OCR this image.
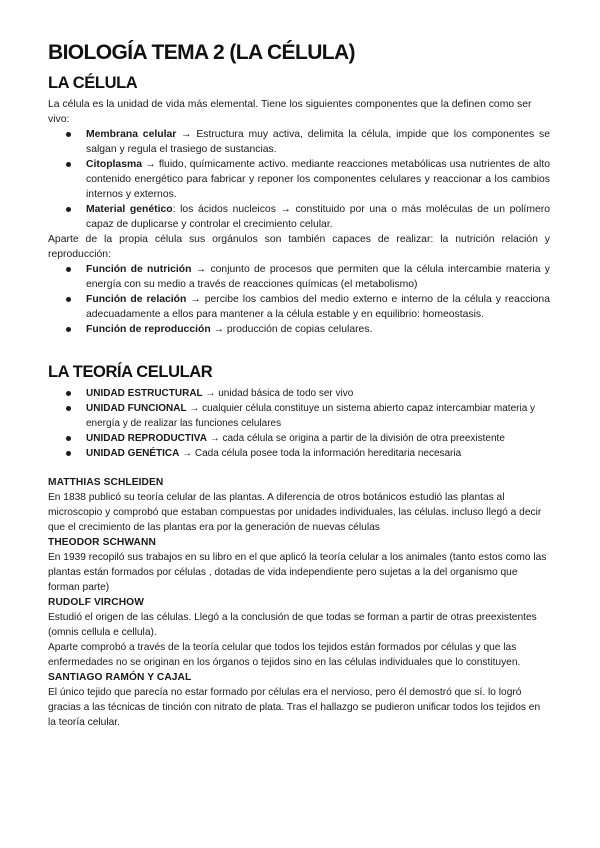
BIOLOGÍA TEMA 2 (LA CÉLULA)
LA CÉLULA

La célula es la unidad de vida más elemental. Tiene los siguientes componentes que la definen como ser vivo:

Membrana celular → Estructura muy activa, delimita la célula, impide que los componentes se salgan y regula el trasiego de sustancias.
Citoplasma → fluido, químicamente activo. mediante reacciones metabólicas usa nutrientes de alto contenido energético para fabricar y reponer los componentes celulares y reaccionar a los cambios internos y externos.
Material genético: los ácidos nucleicos → constituido por una o más moléculas de un polímero capaz de duplicarse y controlar el crecimiento celular.

Aparte de la propia célula sus orgánulos son también capaces de realizar: la nutrición relación y reproducción:

Función de nutrición → conjunto de procesos que permiten que la célula intercambie materia y energía con su medio a través de reacciones químicas (el metabolismo)
Función de relación → percibe los cambios del medio externo e interno de la célula y reacciona adecuadamente a ellos para mantener a la célula estable y en equilibrio: homeostasis.
Función de reproducción → producción de copias celulares.
LA TEORÍA CELULAR
UNIDAD ESTRUCTURAL → unidad básica de todo ser vivo
UNIDAD FUNCIONAL → cualquier célula constituye un sistema abierto capaz intercambiar materia y energía y de realizar las funciones celulares
UNIDAD REPRODUCTIVA → cada célula se origina a partir de la división de otra preexistente
UNIDAD GENÉTICA → Cada célula posee toda la información hereditaria necesaria
MATTHIAS SCHLEIDEN

En 1838 publicó su teoría celular de las plantas. A diferencia de otros botánicos estudió las plantas al microscopio y comprobó que estaban compuestas por unidades individuales, las células. incluso llegó a decir que el crecimiento de las plantas era por la generación de nuevas células

THEODOR SCHWANN

En 1939 recopiló sus trabajos en su libro en el que aplicó la teoría celular a los animales (tanto estos como las plantas están formados por células , dotadas de vida independiente pero sujetas a la del organismo que forman parte)

RUDOLF VIRCHOW

Estudió el origen de las células. Llegó a la conclusión de que todas se forman a partir de otras preexistentes (omnis cellula e cellula).

Aparte comprobó a través de la teoría celular que todos los tejidos están formados por células y que las enfermedades no se originan en los órganos o tejidos sino en las células individuales que lo constituyen.

SANTIAGO RAMÓN Y CAJAL

El único tejido que parecía no estar formado por células era el nervioso, pero él demostró que sí. lo logró gracias a las técnicas de tinción con nitrato de plata. Tras el hallazgo se pudieron unificar todos los tejidos en la teoría celular.
